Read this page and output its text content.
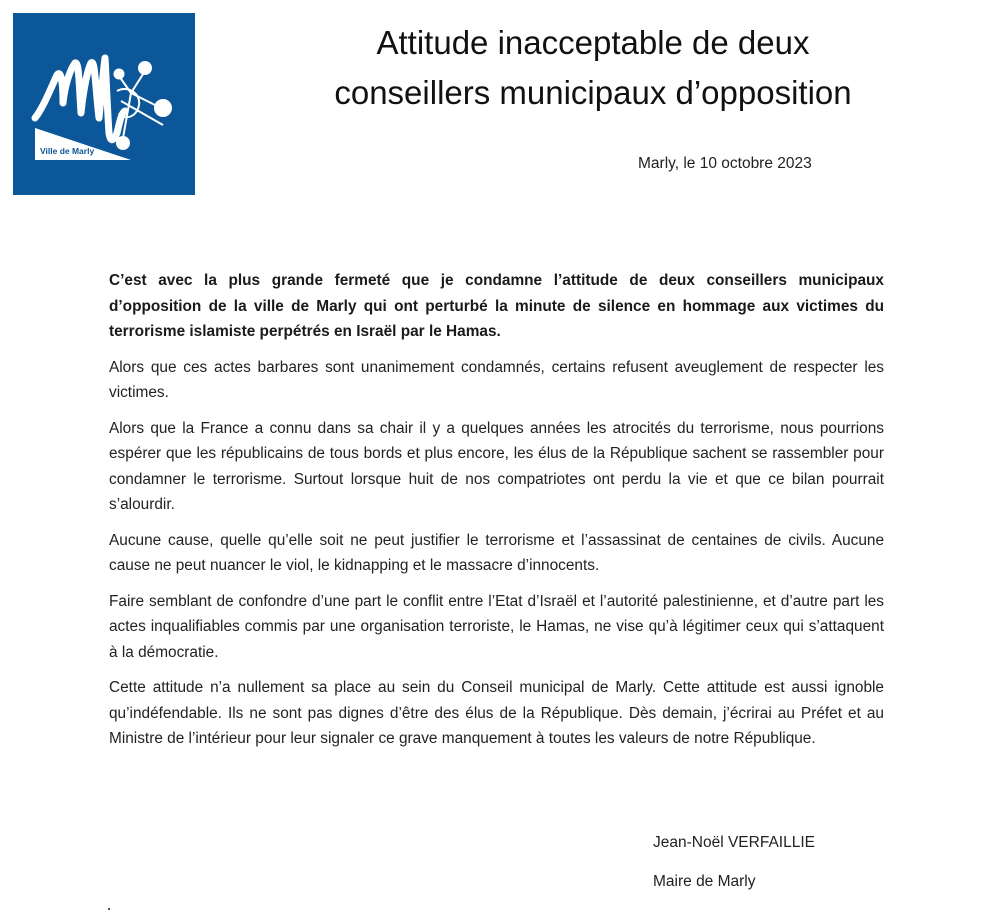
Ville de Marly
Attitude inacceptable de deux
conseillers municipaux d’opposition
Marly, le 10 octobre 2023

C’est avec la plus grande fermeté que je condamne l’attitude de deux conseillers municipaux d’opposition de la ville de Marly qui ont perturbé la minute de silence en hommage aux victimes du terrorisme islamiste perpétrés en Israël par le Hamas.

Alors que ces actes barbares sont unanimement condamnés, certains refusent aveuglement de respecter les victimes.

Alors que la France a connu dans sa chair il y a quelques années les atrocités du terrorisme, nous pourrions espérer que les républicains de tous bords et plus encore, les élus de la République sachent se rassembler pour condamner le terrorisme. Surtout lorsque huit de nos compatriotes ont perdu la vie et que ce bilan pourrait s’alourdir.

Aucune cause, quelle qu’elle soit ne peut justifier le terrorisme et l’assassinat de centaines de civils. Aucune cause ne peut nuancer le viol, le kidnapping et le massacre d’innocents.

Faire semblant de confondre d’une part le conflit entre l’Etat d’Israël et l’autorité palestinienne, et d’autre part les actes inqualifiables commis par une organisation terroriste, le Hamas, ne vise qu’à légitimer ceux qui s’attaquent à la démocratie.

Cette attitude n’a nullement sa place au sein du Conseil municipal de Marly. Cette attitude est aussi ignoble qu’indéfendable. Ils ne sont pas dignes d’être des élus de la République. Dès demain, j’écrirai au Préfet et au Ministre de l’intérieur pour leur signaler ce grave manquement à toutes les valeurs de notre République.

Jean-Noël VERFAILLIE
Maire de Marly
